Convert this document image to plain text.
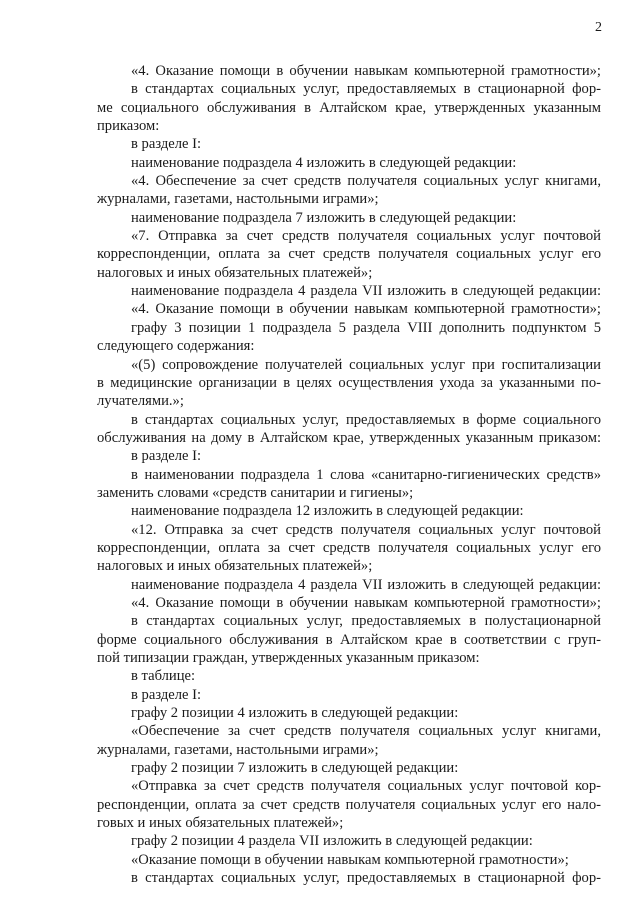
2
«4. Оказание помощи в обучении навыкам компьютерной грамотности»;
в стандартах социальных услуг, предоставляемых в стационарной фор-
ме социального обслуживания в Алтайском крае, утвержденных указанным
приказом:
в разделе I:
наименование подраздела 4 изложить в следующей редакции:
«4. Обеспечение за счет средств получателя социальных услуг книгами,
журналами, газетами, настольными играми»;
наименование подраздела 7 изложить в следующей редакции:
«7. Отправка за счет средств получателя социальных услуг почтовой
корреспонденции, оплата за счет средств получателя социальных услуг его
налоговых и иных обязательных платежей»;
наименование подраздела 4 раздела VII изложить в следующей редакции:
«4. Оказание помощи в обучении навыкам компьютерной грамотности»;
графу 3 позиции 1 подраздела 5 раздела VIII дополнить подпунктом 5
следующего содержания:
«(5) сопровождение получателей социальных услуг при госпитализации
в медицинские организации в целях осуществления ухода за указанными по-
лучателями.»;
в стандартах социальных услуг, предоставляемых в форме социального
обслуживания на дому в Алтайском крае, утвержденных указанным приказом:
в разделе I:
в наименовании подраздела 1 слова «санитарно-гигиенических средств»
заменить словами «средств санитарии и гигиены»;
наименование подраздела 12 изложить в следующей редакции:
«12. Отправка за счет средств получателя социальных услуг почтовой
корреспонденции, оплата за счет средств получателя социальных услуг его
налоговых и иных обязательных платежей»;
наименование подраздела 4 раздела VII изложить в следующей редакции:
«4. Оказание помощи в обучении навыкам компьютерной грамотности»;
в стандартах социальных услуг, предоставляемых в полустационарной
форме социального обслуживания в Алтайском крае в соответствии с груп-
пой типизации граждан, утвержденных указанным приказом:
в таблице:
в разделе I:
графу 2 позиции 4 изложить в следующей редакции:
«Обеспечение за счет средств получателя социальных услуг книгами,
журналами, газетами, настольными играми»;
графу 2 позиции 7 изложить в следующей редакции:
«Отправка за счет средств получателя социальных услуг почтовой кор-
респонденции, оплата за счет средств получателя социальных услуг его нало-
говых и иных обязательных платежей»;
графу 2 позиции 4 раздела VII изложить в следующей редакции:
«Оказание помощи в обучении навыкам компьютерной грамотности»;
в стандартах социальных услуг, предоставляемых в стационарной фор-
